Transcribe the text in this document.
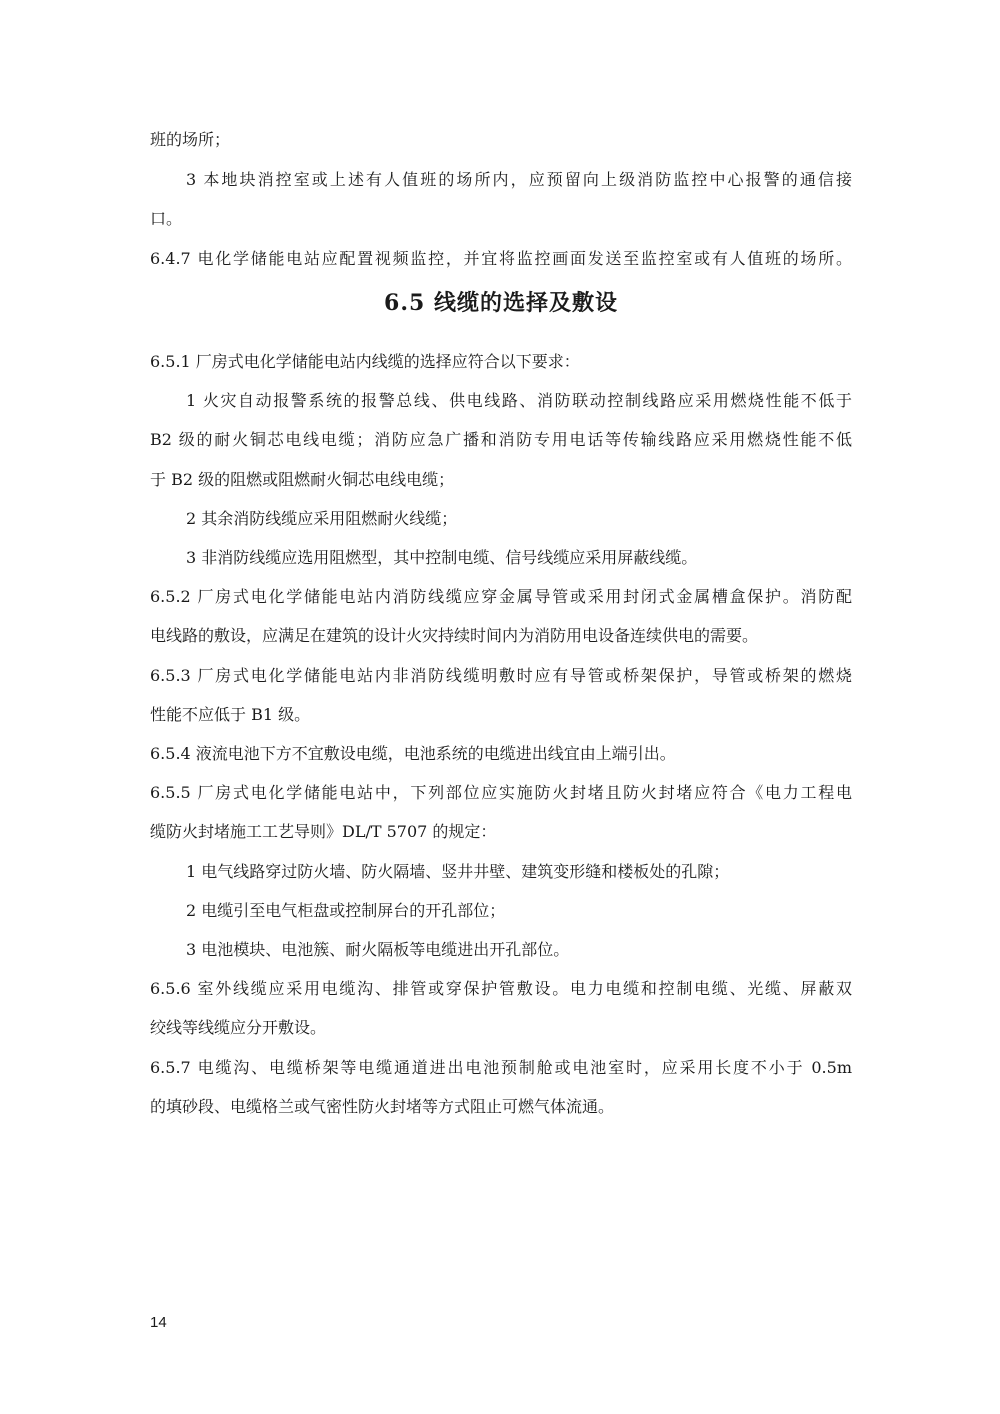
班的场所；
3 本地块消控室或上述有人值班的场所内，应预留向上级消防监控中心报警的通信接
口。
6.4.7 电化学储能电站应配置视频监控，并宜将监控画面发送至监控室或有人值班的场所。
6.5 线缆的选择及敷设
6.5.1 厂房式电化学储能电站内线缆的选择应符合以下要求：
1 火灾自动报警系统的报警总线、供电线路、消防联动控制线路应采用燃烧性能不低于
B2 级的耐火铜芯电线电缆；消防应急广播和消防专用电话等传输线路应采用燃烧性能不低
于 B2 级的阻燃或阻燃耐火铜芯电线电缆；
2 其余消防线缆应采用阻燃耐火线缆；
3 非消防线缆应选用阻燃型，其中控制电缆、信号线缆应采用屏蔽线缆。
6.5.2 厂房式电化学储能电站内消防线缆应穿金属导管或采用封闭式金属槽盒保护。消防配
电线路的敷设，应满足在建筑的设计火灾持续时间内为消防用电设备连续供电的需要。
6.5.3 厂房式电化学储能电站内非消防线缆明敷时应有导管或桥架保护，导管或桥架的燃烧
性能不应低于 B1 级。
6.5.4 液流电池下方不宜敷设电缆，电池系统的电缆进出线宜由上端引出。
6.5.5 厂房式电化学储能电站中，下列部位应实施防火封堵且防火封堵应符合《电力工程电
缆防火封堵施工工艺导则》DL/T 5707 的规定：
1 电气线路穿过防火墙、防火隔墙、竖井井壁、建筑变形缝和楼板处的孔隙；
2 电缆引至电气柜盘或控制屏台的开孔部位；
3 电池模块、电池簇、耐火隔板等电缆进出开孔部位。
6.5.6 室外线缆应采用电缆沟、排管或穿保护管敷设。电力电缆和控制电缆、光缆、屏蔽双
绞线等线缆应分开敷设。
6.5.7 电缆沟、电缆桥架等电缆通道进出电池预制舱或电池室时，应采用长度不小于 0.5m
的填砂段、电缆格兰或气密性防火封堵等方式阻止可燃气体流通。
14
